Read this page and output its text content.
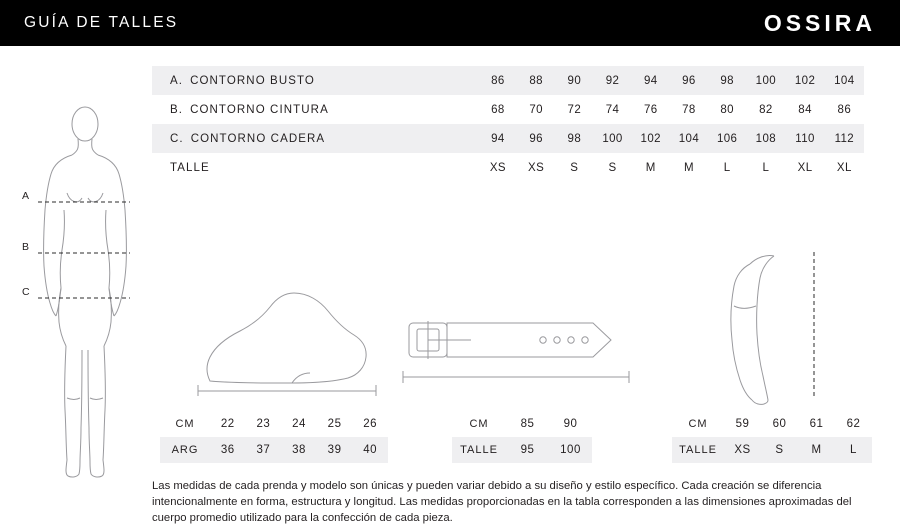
GUÍA DE TALLES	OSSIRA
A
B
C
A. CONTORNO BUSTO	86	88	90	92	94	96	98	100	102	104
B. CONTORNO CINTURA	68	70	72	74	76	78	80	82	84	86
C. CONTORNO CADERA	94	96	98	100	102	104	106	108	110	112
TALLE	XS	XS	S	S	M	M	L	L	XL	XL
CM	22	23	24	25	26
ARG	36	37	38	39	40
CM	85	90
TALLE	95	100
CM	59	60	61	62
TALLE	XS	S	M	L
Las medidas de cada prenda y modelo son únicas y pueden variar debido a su diseño y estilo específico. Cada creación se diferencia intencionalmente en forma, estructura y longitud. Las medidas proporcionadas en la tabla corresponden a las dimensiones aproximadas del cuerpo promedio utilizado para la confección de cada pieza.
